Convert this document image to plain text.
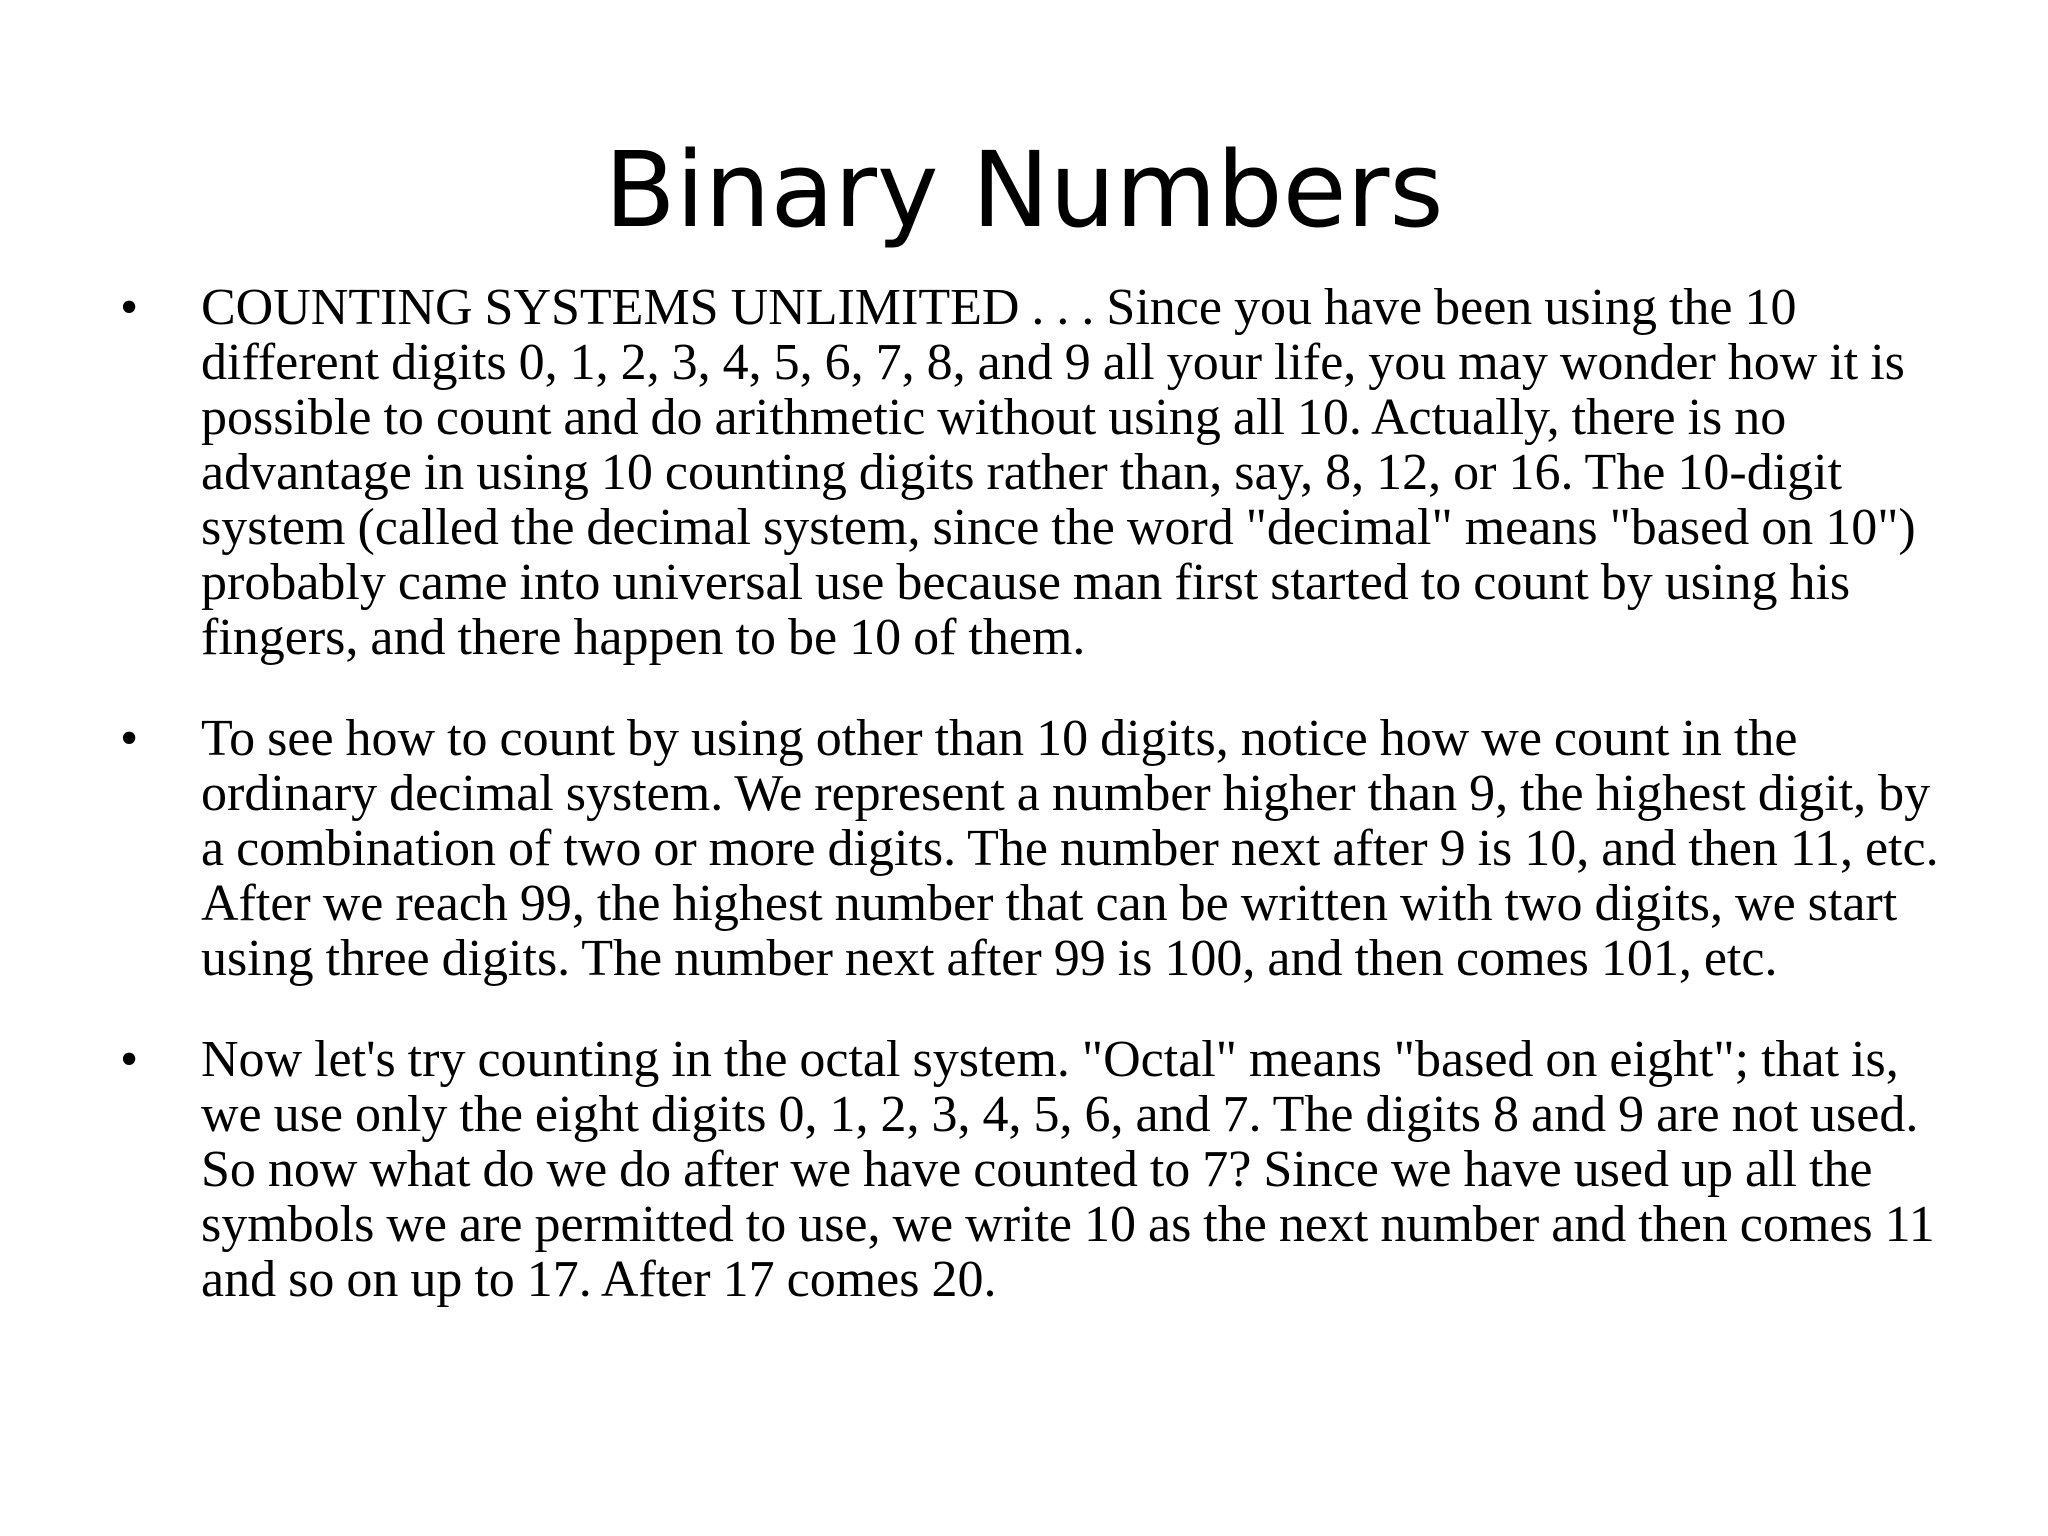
Binary Numbers
• COUNTING SYSTEMS UNLIMITED . . . Since you have been using the 10 different digits 0, 1, 2, 3, 4, 5, 6, 7, 8, and 9 all your life, you may wonder how it is possible to count and do arithmetic without using all 10. Actually, there is no advantage in using 10 counting digits rather than, say, 8, 12, or 16. The 10-digit system (called the decimal system, since the word "decimal" means "based on 10") probably came into universal use because man first started to count by using his fingers, and there happen to be 10 of them.

• To see how to count by using other than 10 digits, notice how we count in the ordinary decimal system. We represent a number higher than 9, the highest digit, by a combination of two or more digits. The number next after 9 is 10, and then 11, etc. After we reach 99, the highest number that can be written with two digits, we start using three digits. The number next after 99 is 100, and then comes 101, etc.

• Now let's try counting in the octal system. "Octal" means "based on eight"; that is, we use only the eight digits 0, 1, 2, 3, 4, 5, 6, and 7. The digits 8 and 9 are not used. So now what do we do after we have counted to 7? Since we have used up all the symbols we are permitted to use, we write 10 as the next number and then comes 11 and so on up to 17. After 17 comes 20.
